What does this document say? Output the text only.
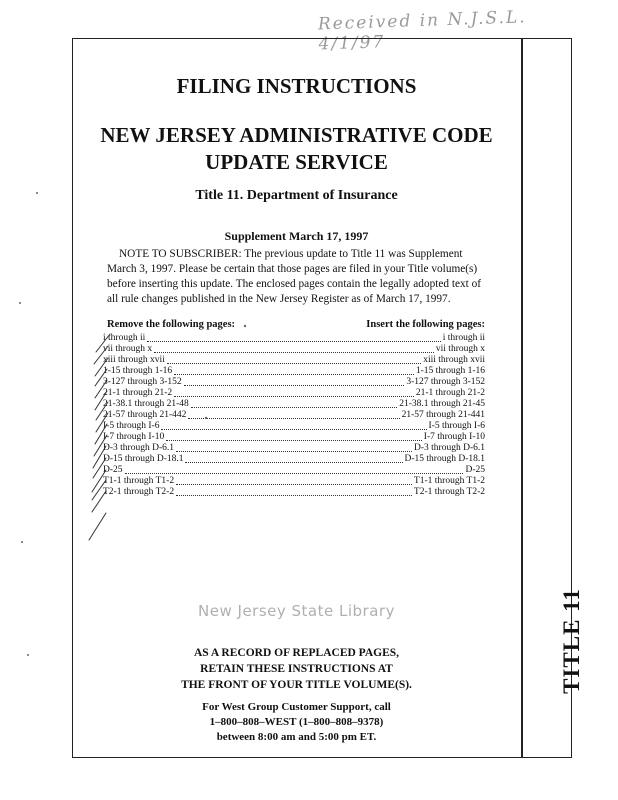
Received in N.J.S.L. 4/1/97
TITLE 11
FILING INSTRUCTIONS
NEW JERSEY ADMINISTRATIVE CODE
UPDATE SERVICE
Title 11. Department of Insurance
Supplement March 17, 1997

NOTE TO SUBSCRIBER: The previous update to Title 11 was Supplement
March 3, 1997. Please be certain that those pages are filed in your Title volume(s)
before inserting this update. The enclosed pages contain the legally adopted text of
all rule changes published in the New Jersey Register as of March 17, 1997.

Remove the following pages:	Insert the following pages:
i through ii	i through ii
vii through x	vii through x
xiii through xvii	xiii through xvii
1-15 through 1-16	1-15 through 1-16
3-127 through 3-152	3-127 through 3-152
21-1 through 21-2	21-1 through 21-2
21-38.1 through 21-48	21-38.1 through 21-45
21-57 through 21-442	21-57 through 21-441
I-5 through I-6	I-5 through I-6
I-7 through I-10	I-7 through I-10
D-3 through D-6.1	D-3 through D-6.1
D-15 through D-18.1	D-15 through D-18.1
D-25	D-25
T1-1 through T1-2	T1-1 through T1-2
T2-1 through T2-2	T2-1 through T2-2
New Jersey State Library

AS A RECORD OF REPLACED PAGES,
RETAIN THESE INSTRUCTIONS AT
THE FRONT OF YOUR TITLE VOLUME(S).

For West Group Customer Support, call
1–800–808–WEST (1–800–808–9378)
between 8:00 am and 5:00 pm ET.
